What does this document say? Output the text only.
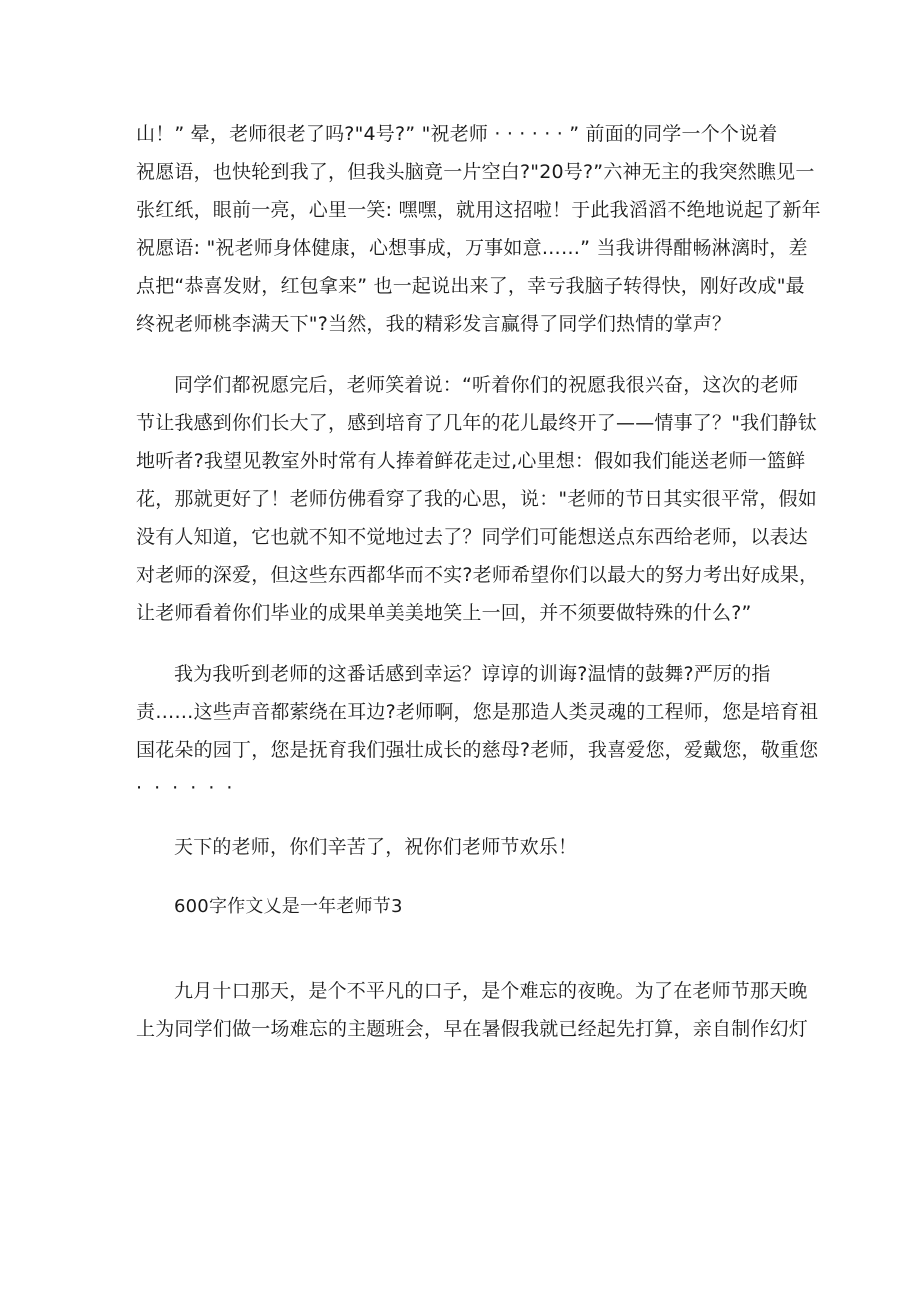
山！” 晕，老师很老了吗?"4号?” "祝老师 · · · · · · ” 前面的同学一个个说着
祝愿语，也快轮到我了，但我头脑竟一片空白?"20号?”六神无主的我突然瞧见一
张红纸，眼前一亮，心里一笑: 嘿嘿，就用这招啦！于此我滔滔不绝地说起了新年
祝愿语: "祝老师身体健康，心想事成，万事如意……” 当我讲得酣畅淋漓时，差
点把“恭喜发财，红包拿来” 也一起说出来了，幸亏我脑子转得快，刚好改成"最
终祝老师桃李满天下"?当然，我的精彩发言赢得了同学们热情的掌声？
同学们都祝愿完后，老师笑着说：“听着你们的祝愿我很兴奋，这次的老师
节让我感到你们长大了，感到培育了几年的花儿最终开了——情事了？"我们静钛
地听者?我望见教室外时常有人捧着鲜花走过,心里想：假如我们能送老师一篮鲜
花，那就更好了！老师仿佛看穿了我的心思，说："老师的节日其实很平常，假如
没有人知道，它也就不知不觉地过去了？同学们可能想送点东西给老师，以表达
对老师的深爱，但这些东西都华而不实?老师希望你们以最大的努力考出好成果，
让老师看着你们毕业的成果单美美地笑上一回，并不须要做特殊的什么?”
我为我听到老师的这番话感到幸运？谆谆的训诲?温情的鼓舞?严厉的指
责……这些声音都萦绕在耳边?老师啊，您是那造人类灵魂的工程师，您是培育祖
国花朵的园丁，您是抚育我们强壮成长的慈母?老师，我喜爱您，爱戴您，敬重您
· · · · · ·
天下的老师，你们辛苦了，祝你们老师节欢乐！
600字作文乂是一年老师节3
九月十口那天，是个不平凡的口子，是个难忘的夜晚。为了在老师节那天晚
上为同学们做一场难忘的主题班会，早在暑假我就已经起先打算，亲自制作幻灯
